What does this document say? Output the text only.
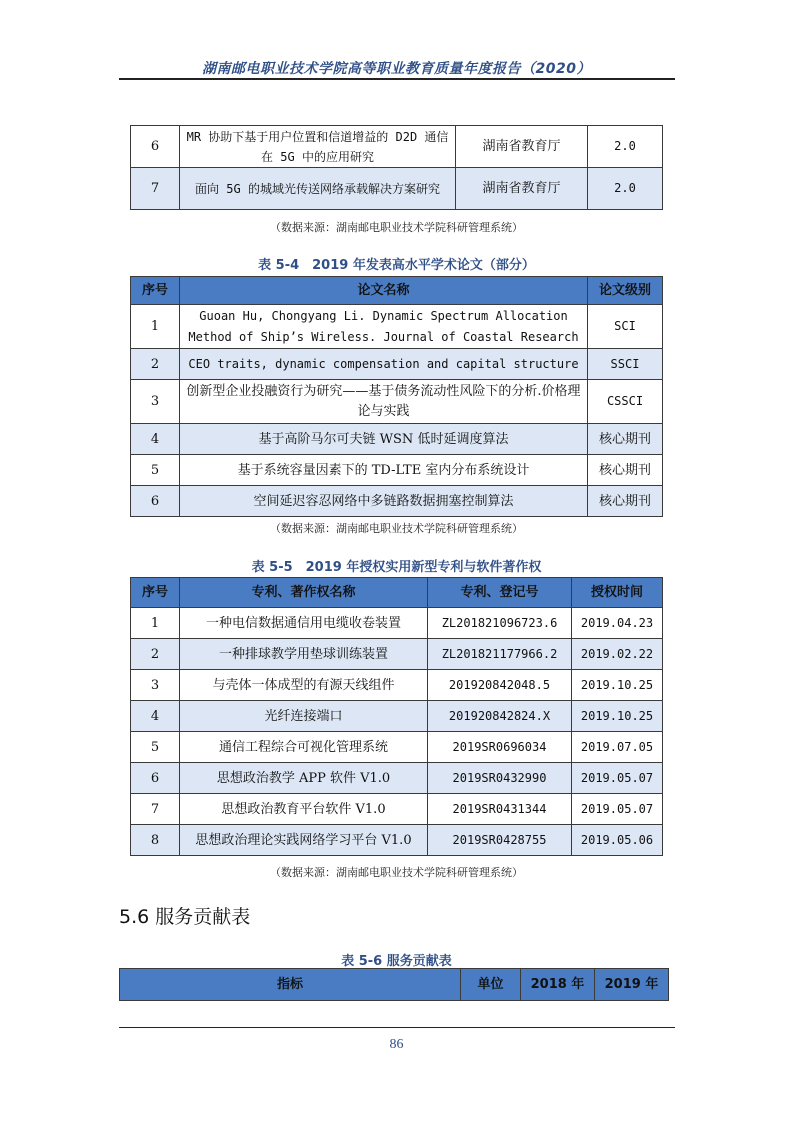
湖南邮电职业技术学院高等职业教育质量年度报告（2020）
6	MR 协助下基于用户位置和信道增益的 D2D 通信在 5G 中的应用研究	湖南省教育厅	2.0
7	面向 5G 的城域光传送网络承载解决方案研究	湖南省教育厅	2.0
（数据来源：湖南邮电职业技术学院科研管理系统）
表 5-4　2019 年发表高水平学术论文（部分）
序号	论文名称	论文级别
1	Guoan Hu, Chongyang Li. Dynamic Spectrum Allocation Method of Ship’s Wireless. Journal of Coastal Research	SCI
2	CEO traits, dynamic compensation and capital structure	SSCI
3	创新型企业投融资行为研究——基于债务流动性风险下的分析.价格理论与实践	CSSCI
4	基于高阶马尔可夫链 WSN 低时延调度算法	核心期刊
5	基于系统容量因素下的 TD-LTE 室内分布系统设计	核心期刊
6	空间延迟容忍网络中多链路数据拥塞控制算法	核心期刊
（数据来源：湖南邮电职业技术学院科研管理系统）
表 5-5　2019 年授权实用新型专利与软件著作权
序号	专利、著作权名称	专利、登记号	授权时间
1	一种电信数据通信用电缆收卷装置	ZL201821096723.6	2019.04.23
2	一种排球教学用垫球训练装置	ZL201821177966.2	2019.02.22
3	与壳体一体成型的有源天线组件	201920842048.5	2019.10.25
4	光纤连接端口	201920842824.X	2019.10.25
5	通信工程综合可视化管理系统	2019SR0696034	2019.07.05
6	思想政治教学 APP 软件 V1.0	2019SR0432990	2019.05.07
7	思想政治教育平台软件 V1.0	2019SR0431344	2019.05.07
8	思想政治理论实践网络学习平台 V1.0	2019SR0428755	2019.05.06
（数据来源：湖南邮电职业技术学院科研管理系统）
5.6 服务贡献表
表 5-6 服务贡献表
指标	单位	2018 年	2019 年
86
